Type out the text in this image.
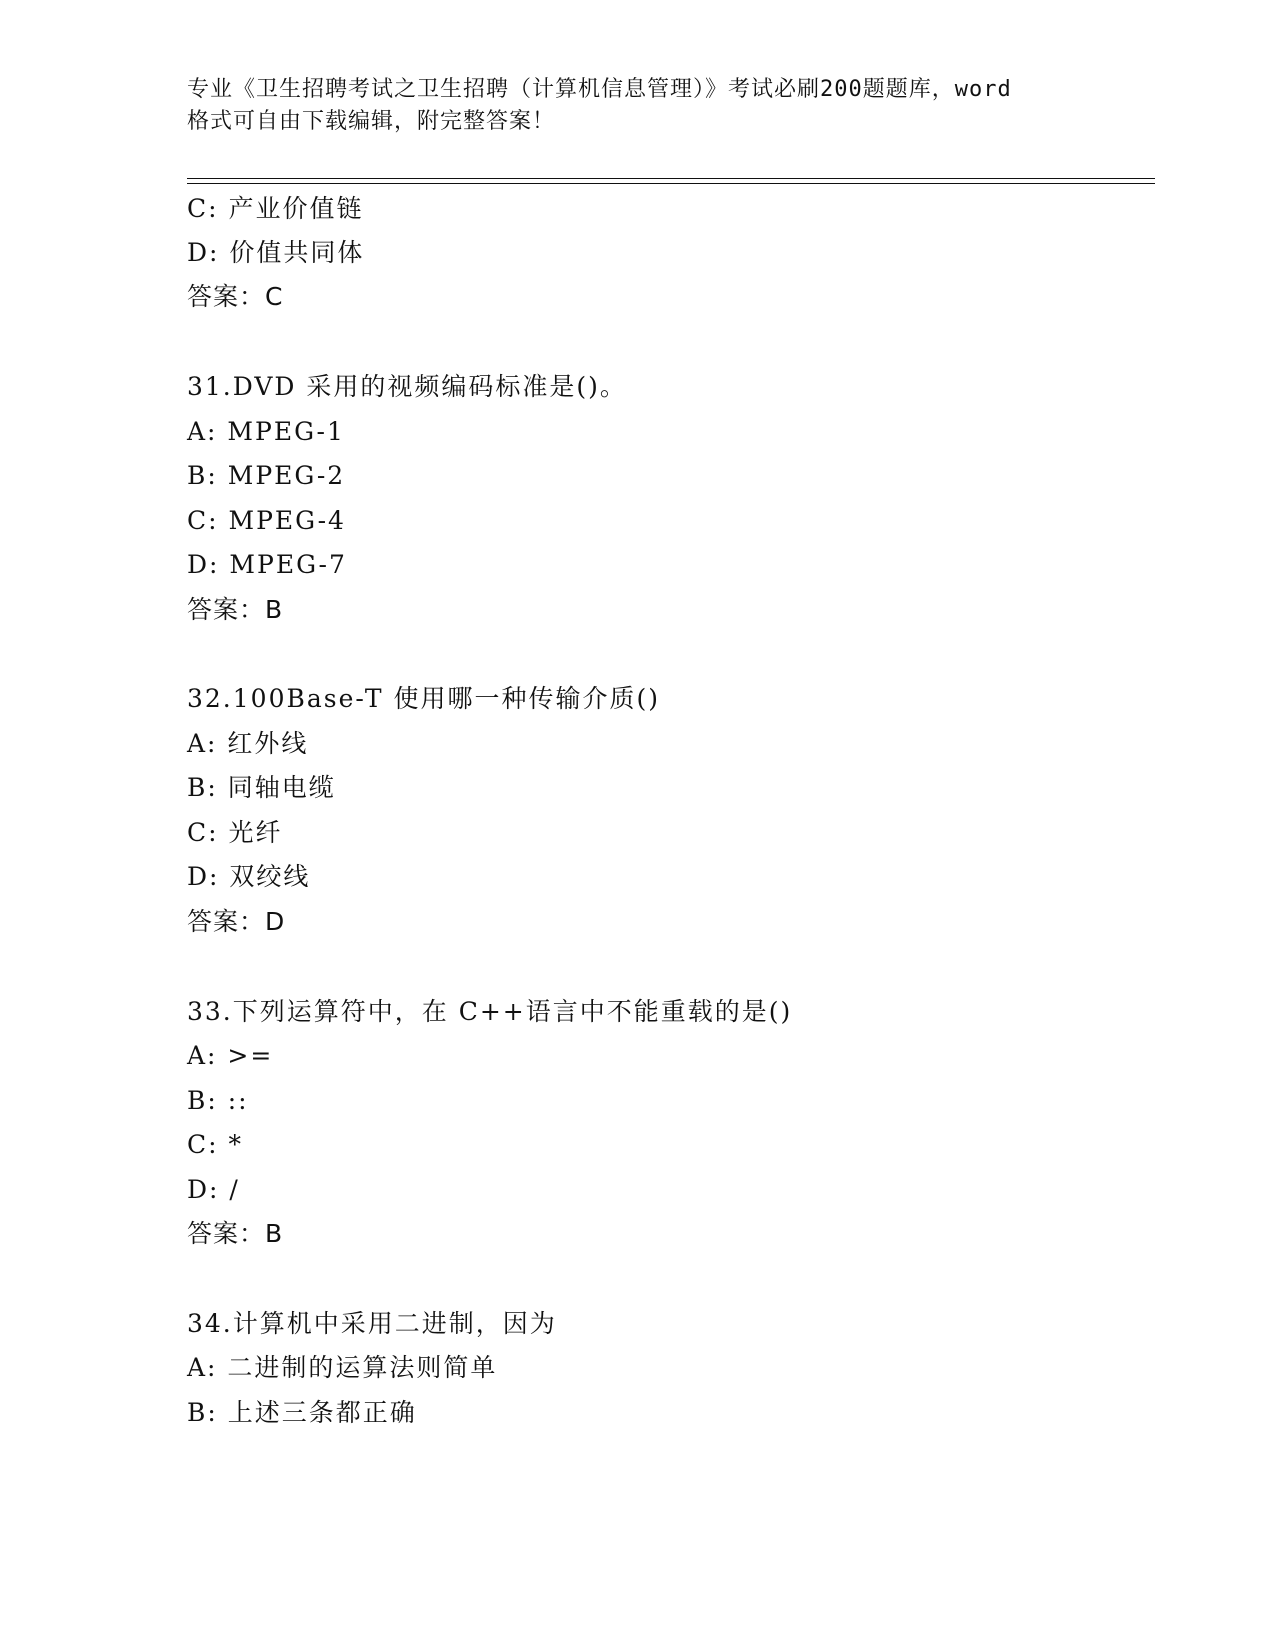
专业《卫生招聘考试之卫生招聘（计算机信息管理）》考试必刷200题题库，word
格式可自由下载编辑，附完整答案！
C: 产业价值链
D: 价值共同体
答案：C
31.DVD 采用的视频编码标准是()。
A: MPEG-1
B: MPEG-2
C: MPEG-4
D: MPEG-7
答案：B
32.100Base-T 使用哪一种传输介质()
A: 红外线
B: 同轴电缆
C: 光纤
D: 双绞线
答案：D
33.下列运算符中，在 C++语言中不能重载的是()
A: >=
B: ::
C: *
D: /
答案：B
34.计算机中采用二进制，因为
A: 二进制的运算法则简单
B: 上述三条都正确
